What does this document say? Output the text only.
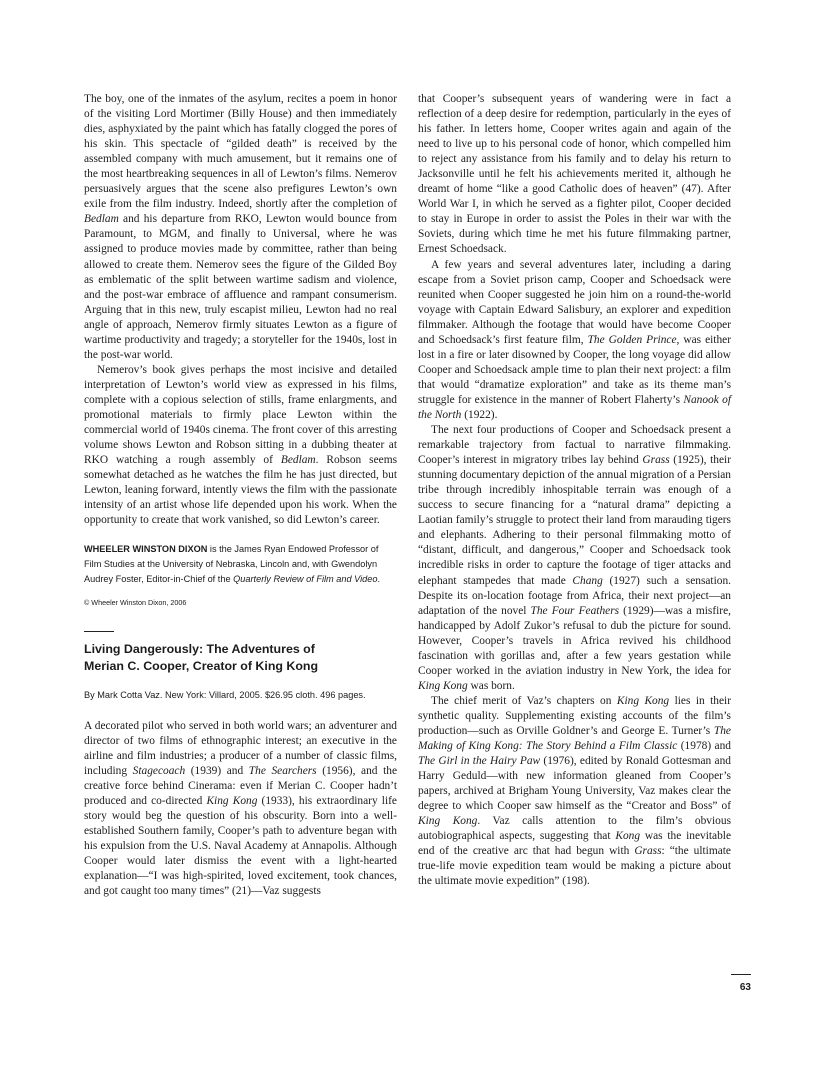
The boy, one of the inmates of the asylum, recites a poem in honor of the visiting Lord Mortimer (Billy House) and then immediately dies, asphyxiated by the paint which has fatally clogged the pores of his skin. This spectacle of “gilded death” is received by the assembled company with much amusement, but it remains one of the most heartbreaking sequences in all of Lewton’s films. Nemerov persuasively argues that the scene also prefigures Lewton’s own exile from the film industry. Indeed, shortly after the completion of Bedlam and his departure from RKO, Lewton would bounce from Paramount, to MGM, and finally to Universal, where he was assigned to produce movies made by committee, rather than being allowed to create them. Nemerov sees the figure of the Gilded Boy as emblematic of the split between wartime sadism and violence, and the post-war embrace of affluence and rampant consumerism. Arguing that in this new, truly escapist milieu, Lewton had no real angle of approach, Nemerov firmly situates Lewton as a figure of wartime productivity and tragedy; a storyteller for the 1940s, lost in the post-war world.

Nemerov’s book gives perhaps the most incisive and detailed interpretation of Lewton’s world view as expressed in his films, complete with a copious selection of stills, frame enlargments, and promotional materials to firmly place Lewton within the commercial world of 1940s cinema. The front cover of this arresting volume shows Lewton and Robson sitting in a dubbing theater at RKO watching a rough assembly of Bedlam. Robson seems somewhat detached as he watches the film he has just directed, but Lewton, leaning forward, intently views the film with the passionate intensity of an artist whose life depended upon his work. When the opportunity to create that work vanished, so did Lewton’s career.

WHEELER WINSTON DIXON is the James Ryan Endowed Professor of Film Studies at the University of Nebraska, Lincoln and, with Gwendolyn Audrey Foster, Editor-in-Chief of the Quarterly Review of Film and Video.

© Wheeler Winston Dixon, 2006

Living Dangerously: The Adventures of
Merian C. Cooper, Creator of King Kong

By Mark Cotta Vaz. New York: Villard, 2005. $26.95 cloth. 496 pages.

A decorated pilot who served in both world wars; an adventurer and director of two films of ethnographic interest; an executive in the airline and film industries; a producer of a number of classic films, including Stagecoach (1939) and The Searchers (1956), and the creative force behind Cinerama: even if Merian C. Cooper hadn’t produced and co-directed King Kong (1933), his extraordinary life story would beg the question of his obscurity. Born into a well-established Southern family, Cooper’s path to adventure began with his expulsion from the U.S. Naval Academy at Annapolis. Although Cooper would later dismiss the event with a light-hearted explanation—“I was high-spirited, loved excitement, took chances, and got caught too many times” (21)—Vaz suggests

that Cooper’s subsequent years of wandering were in fact a reflection of a deep desire for redemption, particularly in the eyes of his father. In letters home, Cooper writes again and again of the need to live up to his personal code of honor, which compelled him to reject any assistance from his family and to delay his return to Jacksonville until he felt his achievements merited it, although he dreamt of home “like a good Catholic does of heaven” (47). After World War I, in which he served as a fighter pilot, Cooper decided to stay in Europe in order to assist the Poles in their war with the Soviets, during which time he met his future filmmaking partner, Ernest Schoedsack.

A few years and several adventures later, including a daring escape from a Soviet prison camp, Cooper and Schoedsack were reunited when Cooper suggested he join him on a round-the-world voyage with Captain Edward Salisbury, an explorer and expedition filmmaker. Although the footage that would have become Cooper and Schoedsack’s first feature film, The Golden Prince, was either lost in a fire or later disowned by Cooper, the long voyage did allow Cooper and Schoedsack ample time to plan their next project: a film that would “dramatize exploration” and take as its theme man’s struggle for existence in the manner of Robert Flaherty’s Nanook of the North (1922).

The next four productions of Cooper and Schoedsack present a remarkable trajectory from factual to narrative filmmaking. Cooper’s interest in migratory tribes lay behind Grass (1925), their stunning documentary depiction of the annual migration of a Persian tribe through incredibly inhospitable terrain was enough of a success to secure financing for a “natural drama” depicting a Laotian family’s struggle to protect their land from marauding tigers and elephants. Adhering to their personal filmmaking motto of “distant, difficult, and dangerous,” Cooper and Schoedsack took incredible risks in order to capture the footage of tiger attacks and elephant stampedes that made Chang (1927) such a sensation. Despite its on-location footage from Africa, their next project—an adaptation of the novel The Four Feathers (1929)—was a misfire, handicapped by Adolf Zukor’s refusal to dub the picture for sound. However, Cooper’s travels in Africa revived his childhood fascination with gorillas and, after a few years gestation while Cooper worked in the aviation industry in New York, the idea for King Kong was born.

The chief merit of Vaz’s chapters on King Kong lies in their synthetic quality. Supplementing existing accounts of the film’s production—such as Orville Goldner’s and George E. Turner’s The Making of King Kong: The Story Behind a Film Classic (1978) and The Girl in the Hairy Paw (1976), edited by Ronald Gottesman and Harry Geduld—with new information gleaned from Cooper’s papers, archived at Brigham Young University, Vaz makes clear the degree to which Cooper saw himself as the “Creator and Boss” of King Kong. Vaz calls attention to the film’s obvious autobiographical aspects, suggesting that Kong was the inevitable end of the creative arc that had begun with Grass: “the ultimate true-life movie expedition team would be making a picture about the ultimate movie expedition” (198).

63
